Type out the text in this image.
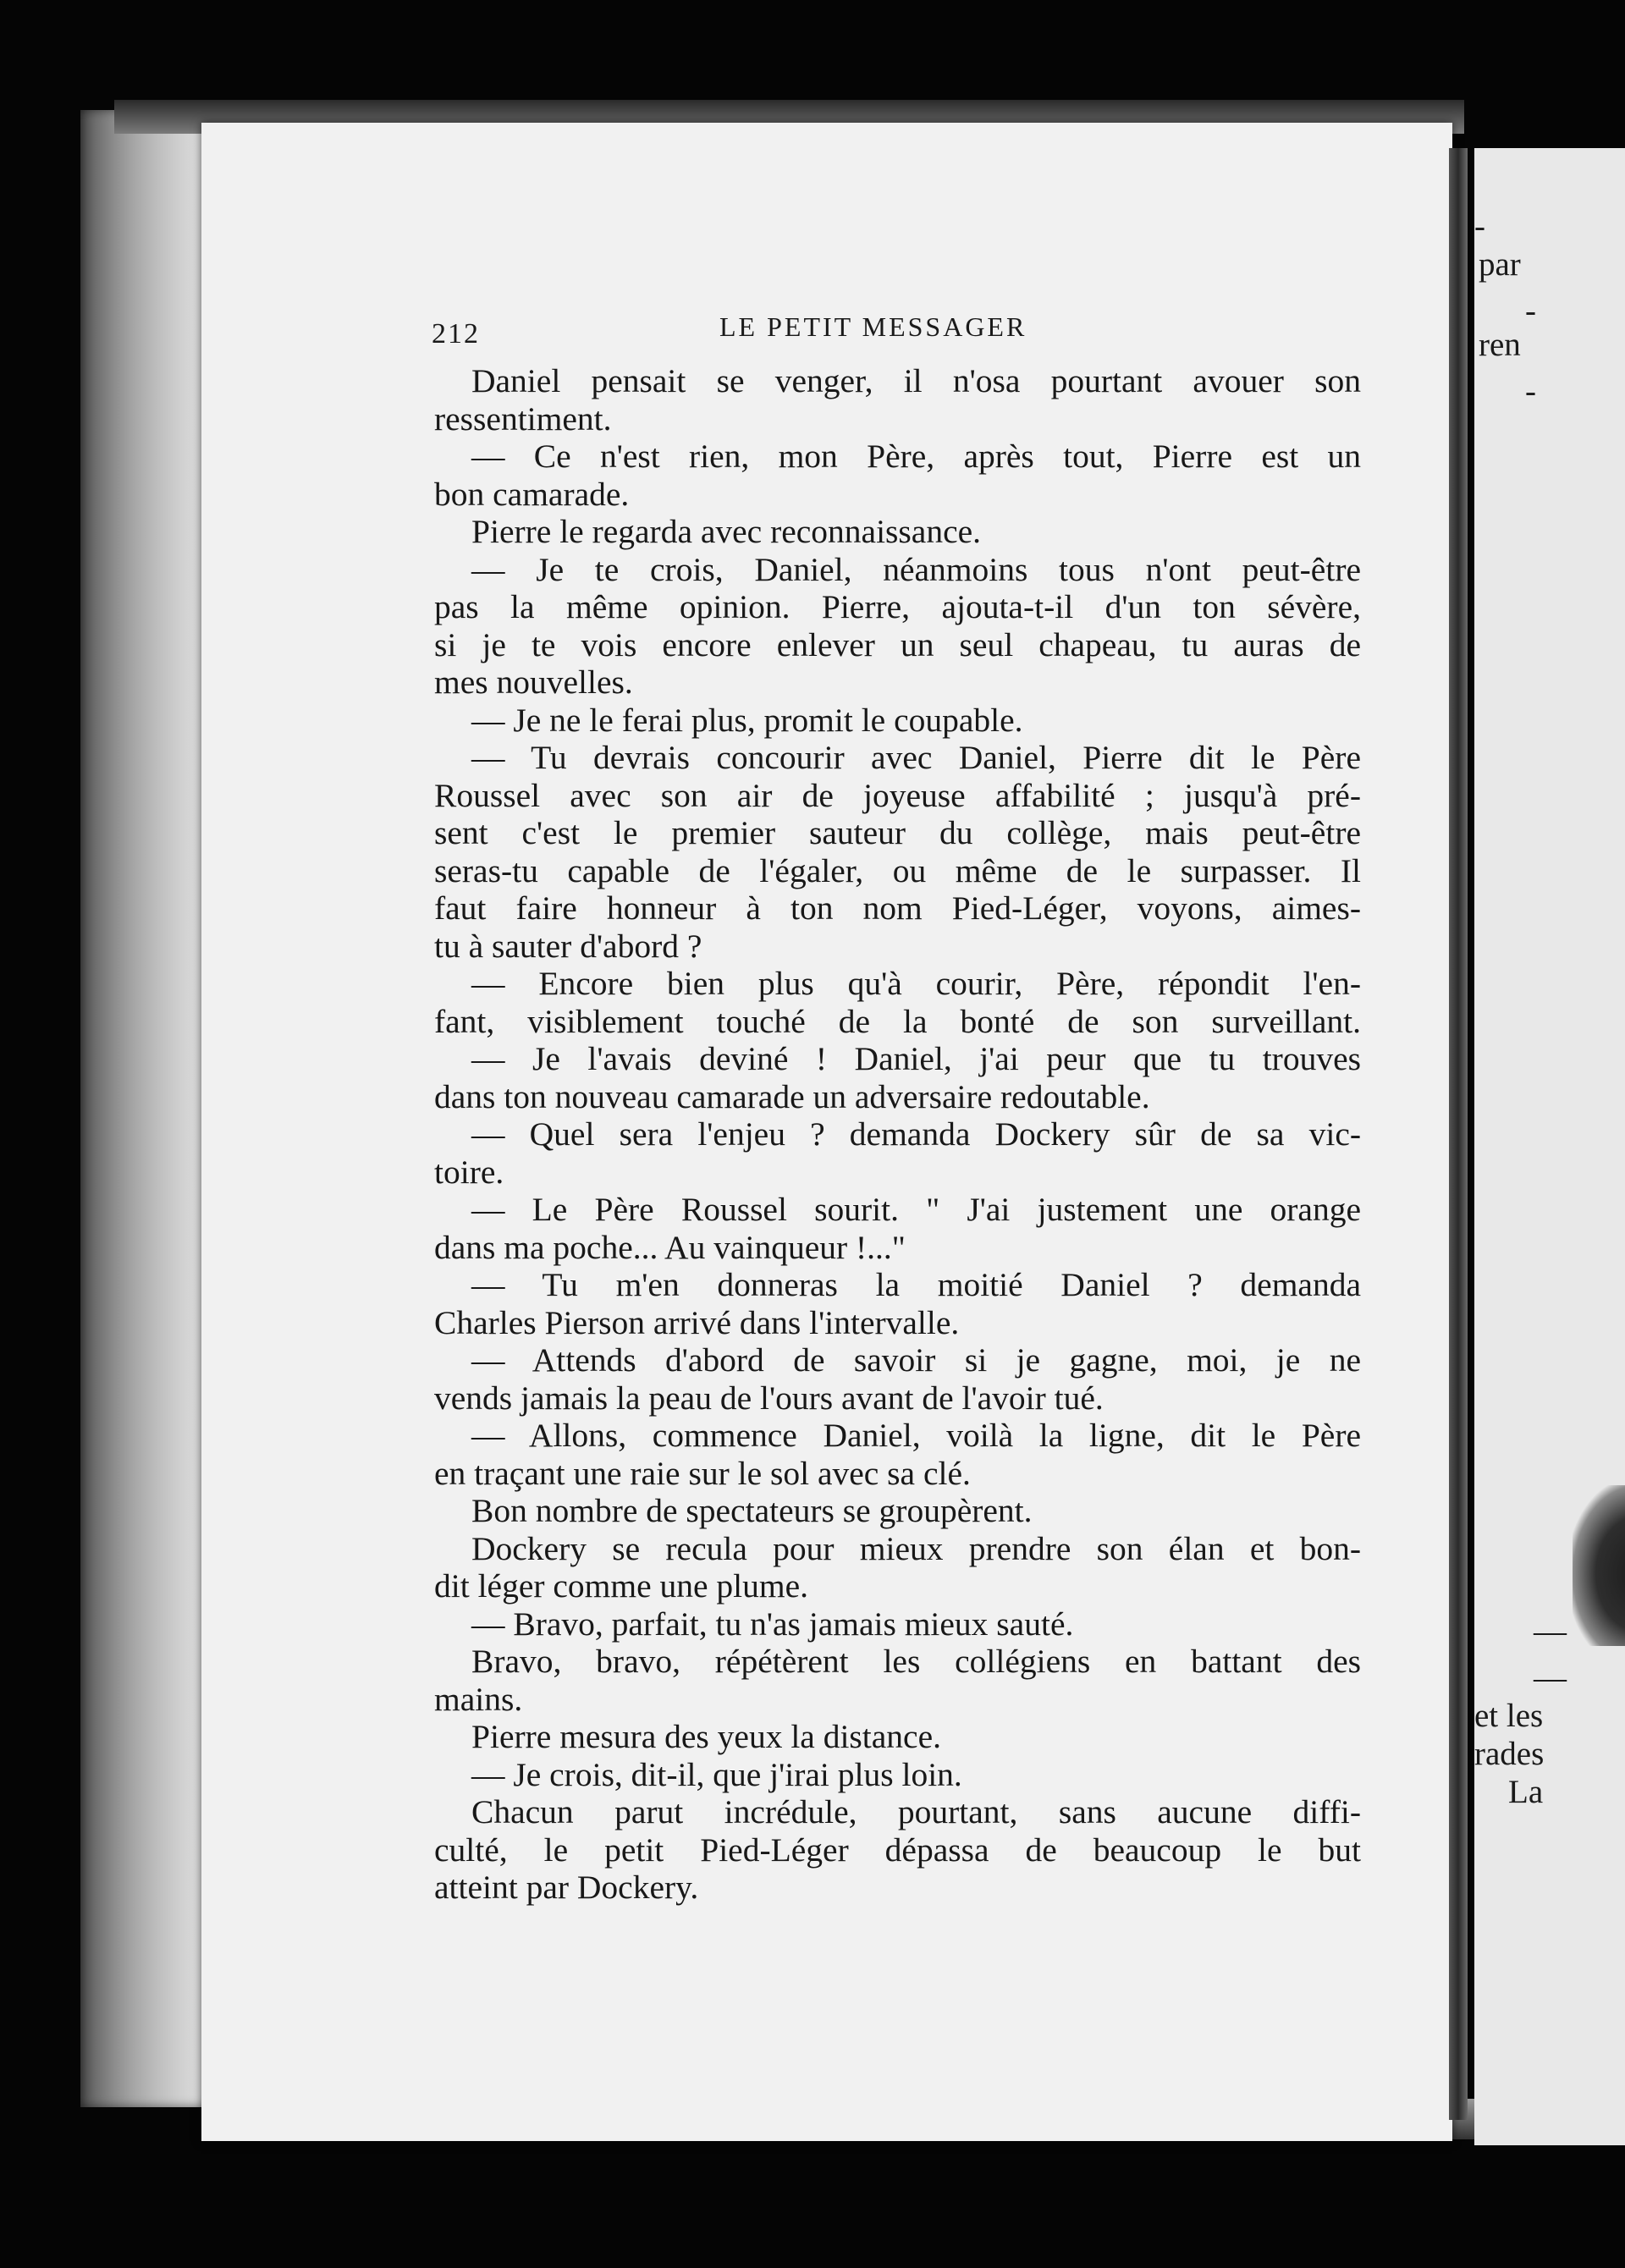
212	LE PETIT MESSAGER
Daniel pensait se venger, il n'osa pourtant avouer son
ressentiment.
— Ce n'est rien, mon Père, après tout, Pierre est un
bon camarade.
Pierre le regarda avec reconnaissance.
— Je te crois, Daniel, néanmoins tous n'ont peut-être
pas la même opinion. Pierre, ajouta-t-il d'un ton sévère,
si je te vois encore enlever un seul chapeau, tu auras de
mes nouvelles.
— Je ne le ferai plus, promit le coupable.
— Tu devrais concourir avec Daniel, Pierre dit le Père
Roussel avec son air de joyeuse affabilité ; jusqu'à pré-
sent c'est le premier sauteur du collège, mais peut-être
seras-tu capable de l'égaler, ou même de le surpasser. Il
faut faire honneur à ton nom Pied-Léger, voyons, aimes-
tu à sauter d'abord ?
— Encore bien plus qu'à courir, Père, répondit l'en-
fant, visiblement touché de la bonté de son surveillant.
— Je l'avais deviné ! Daniel, j'ai peur que tu trouves
dans ton nouveau camarade un adversaire redoutable.
— Quel sera l'enjeu ? demanda Dockery sûr de sa vic-
toire.
— Le Père Roussel sourit. " J'ai justement une orange
dans ma poche... Au vainqueur !..."
— Tu m'en donneras la moitié Daniel ? demanda
Charles Pierson arrivé dans l'intervalle.
— Attends d'abord de savoir si je gagne, moi, je ne
vends jamais la peau de l'ours avant de l'avoir tué.
— Allons, commence Daniel, voilà la ligne, dit le Père
en traçant une raie sur le sol avec sa clé.
Bon nombre de spectateurs se groupèrent.
Dockery se recula pour mieux prendre son élan et bon-
dit léger comme une plume.
— Bravo, parfait, tu n'as jamais mieux sauté.
Bravo, bravo, répétèrent les collégiens en battant des
mains.
Pierre mesura des yeux la distance.
— Je crois, dit-il, que j'irai plus loin.
Chacun parut incrédule, pourtant, sans aucune diffi-
culté, le petit Pied-Léger dépassa de beaucoup le but
atteint par Dockery.
-
par
-
ren
-
—
—
et les
rades
La
